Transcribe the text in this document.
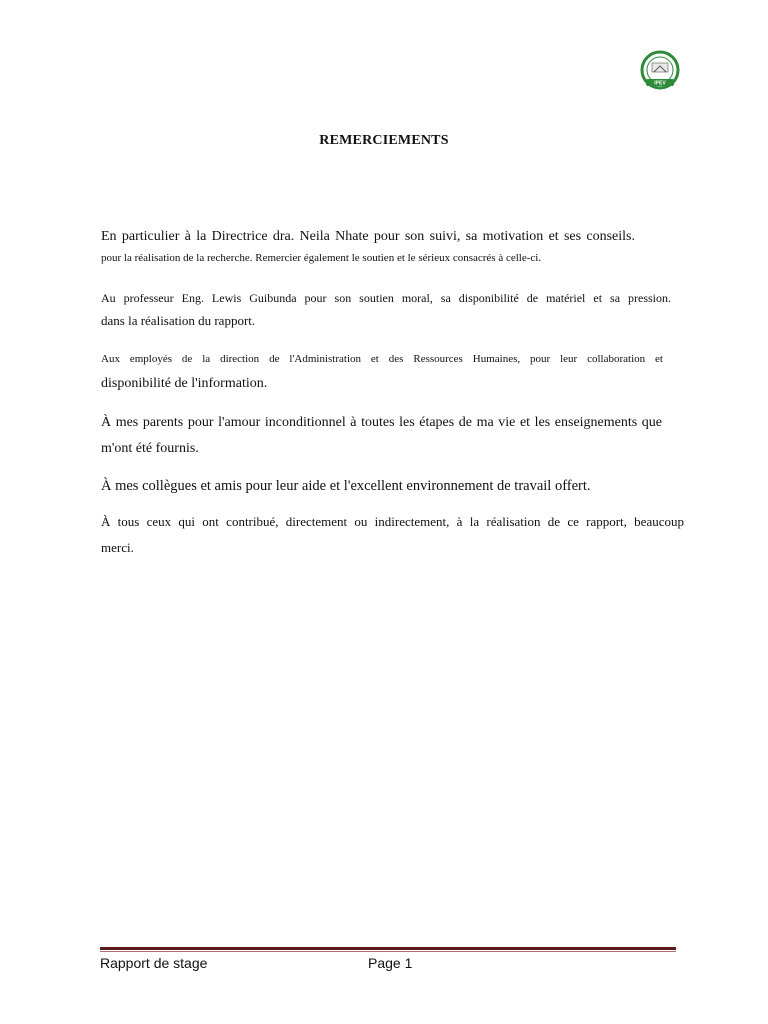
IPEV
REMERCIEMENTS
En particulier à la Directrice dra. Neila Nhate pour son suivi, sa motivation et ses conseils.
pour la réalisation de la recherche. Remercier également le soutien et le sérieux consacrés à celle-ci.
Au professeur Eng. Lewis Guibunda pour son soutien moral, sa disponibilité de matériel et sa pression.
dans la réalisation du rapport.
Aux employés de la direction de l'Administration et des Ressources Humaines, pour leur collaboration et
disponibilité de l'information.
À mes parents pour l'amour inconditionnel à toutes les étapes de ma vie et les enseignements que
m'ont été fournis.
À mes collègues et amis pour leur aide et l'excellent environnement de travail offert.
À tous ceux qui ont contribué, directement ou indirectement, à la réalisation de ce rapport, beaucoup
merci.
Rapport de stage	Page 1
